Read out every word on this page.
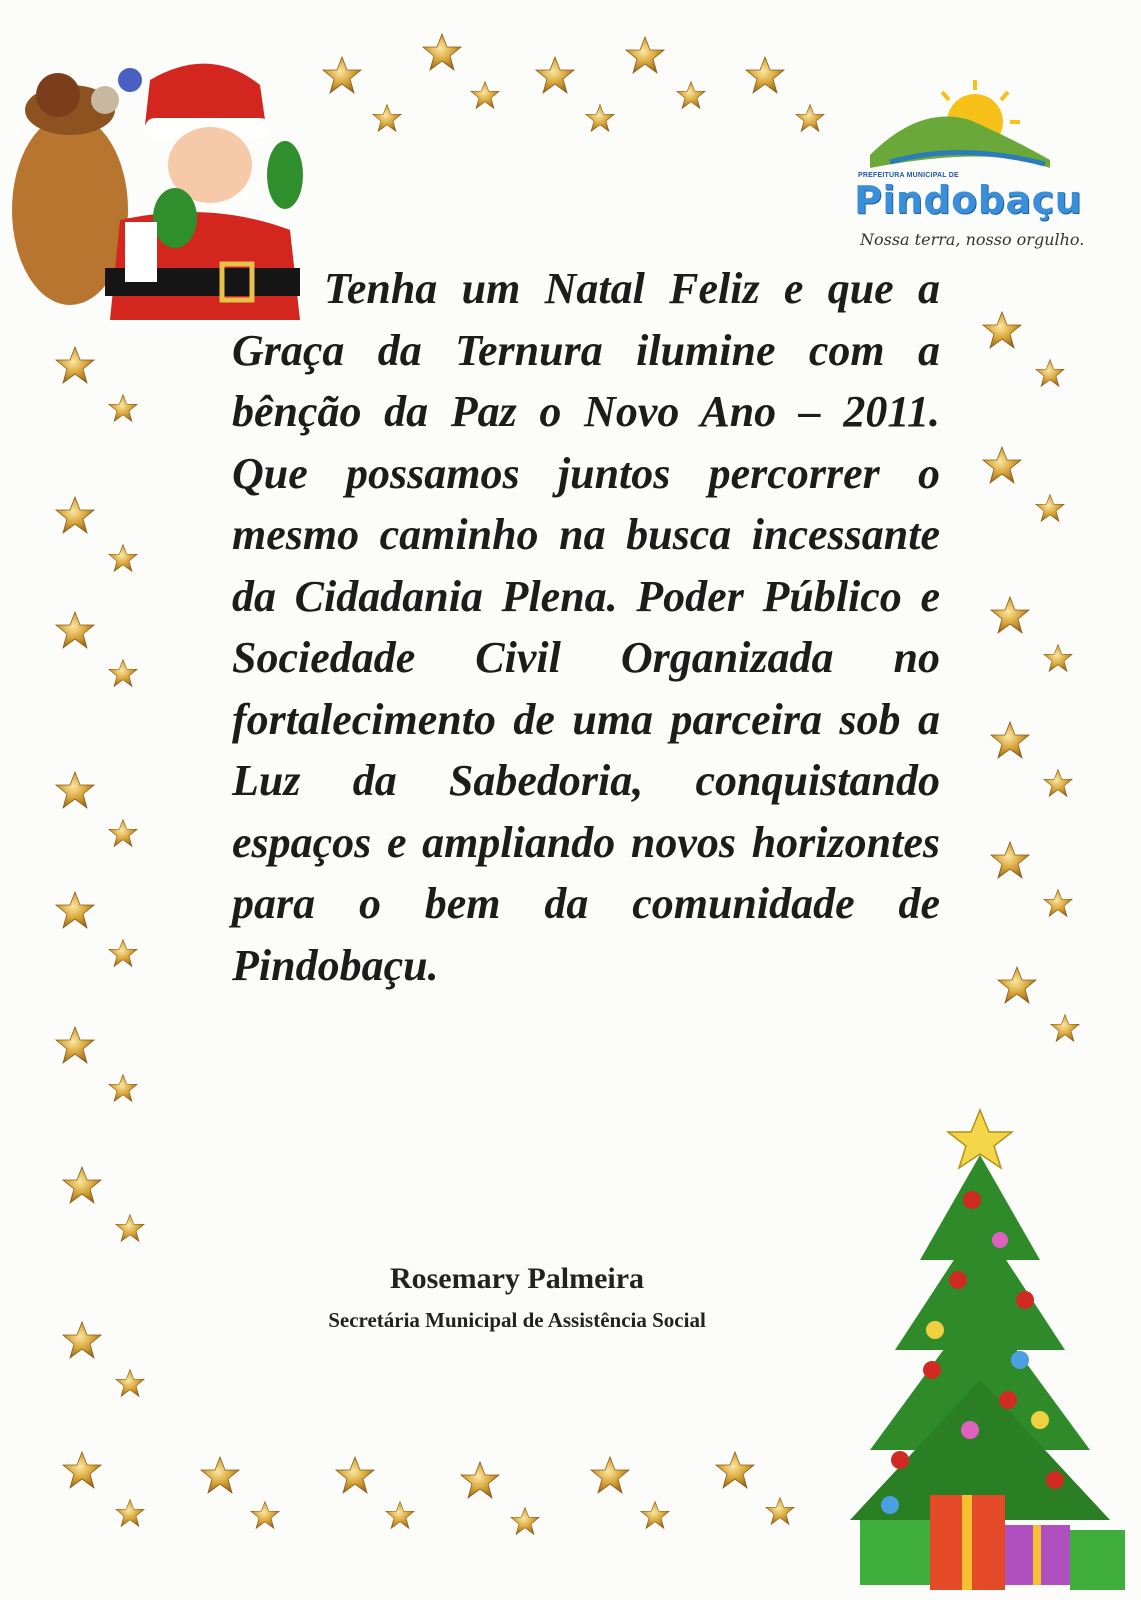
PREFEITURA MUNICIPAL DE
Pindobaçu
Nossa terra, nosso orgulho.
Tenha um Natal Feliz e que a Graça da Ternura ilumine com a bênção da Paz o Novo Ano – 2011. Que possamos juntos percorrer o mesmo caminho na busca incessante da Cidadania Plena. Poder Público e Sociedade Civil Organizada no fortalecimento de uma parceira sob a Luz da Sabedoria, conquistando espaços e ampliando novos horizontes para o bem da comunidade de Pindobaçu.
Rosemary Palmeira
Secretária Municipal de Assistência Social
